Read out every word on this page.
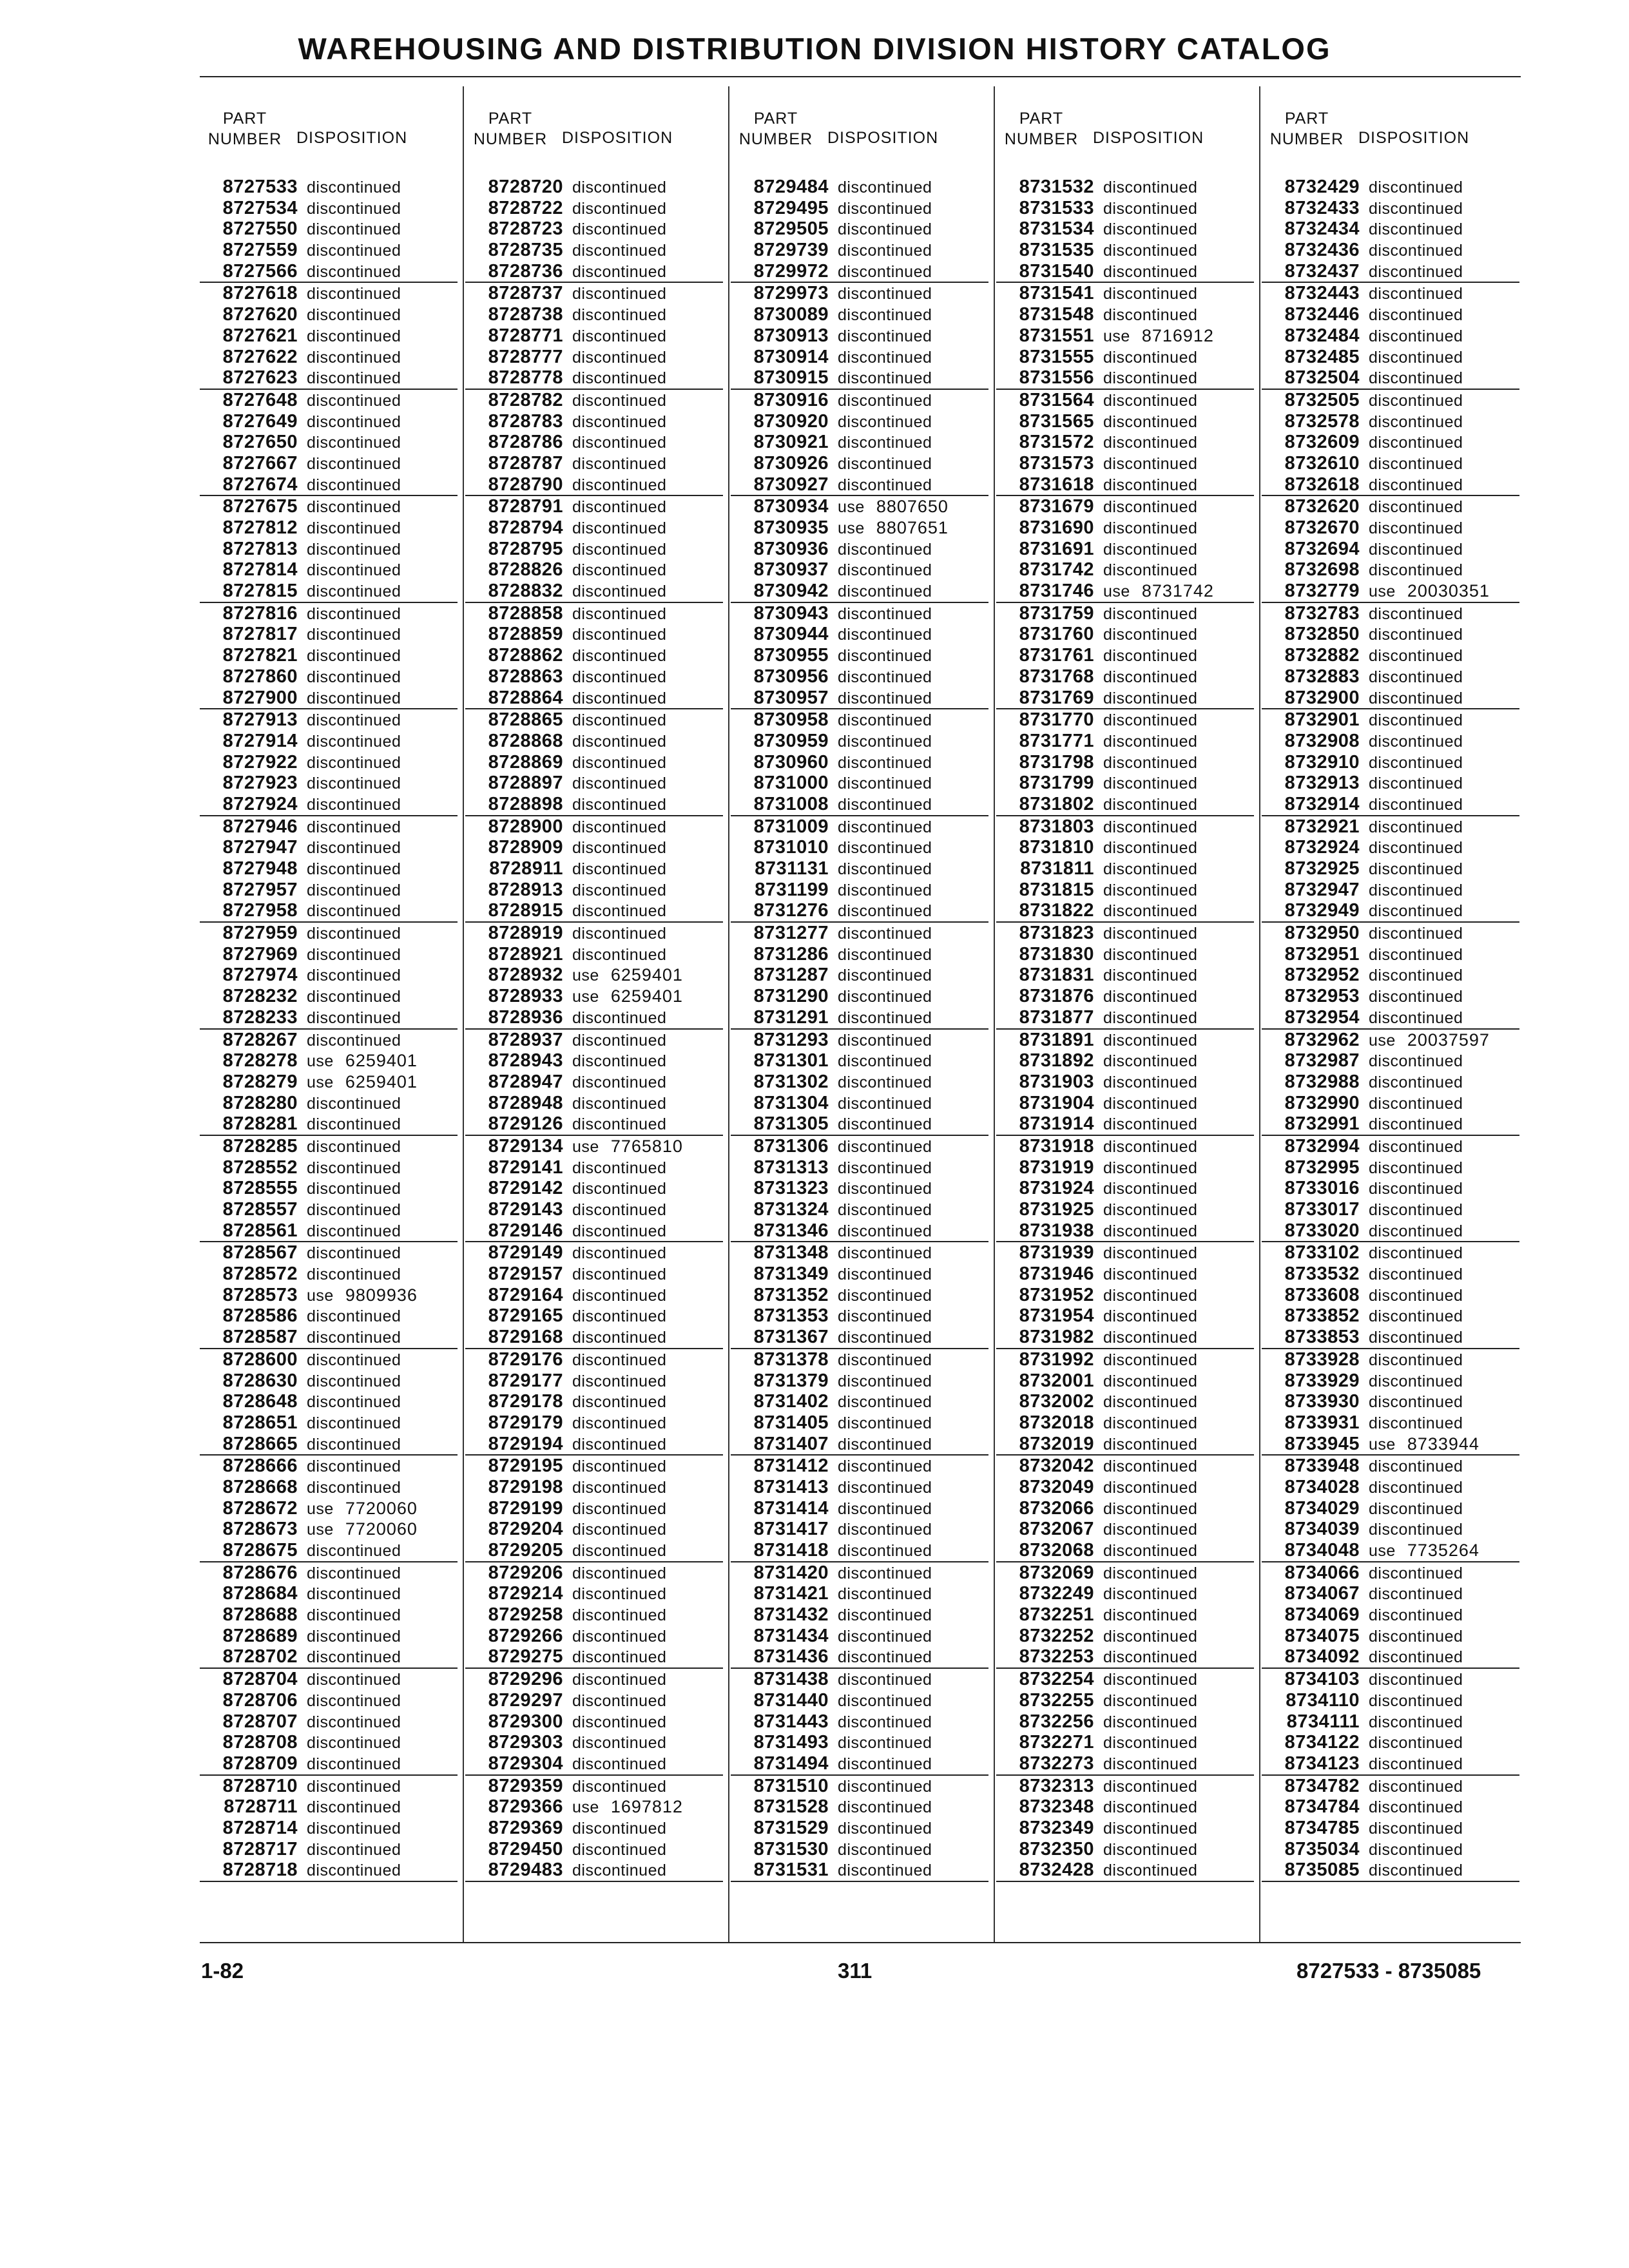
WAREHOUSING AND DISTRIBUTION DIVISION HISTORY CATALOG
PART
NUMBER DISPOSITION
8727533 discontinued
8727534 discontinued
8727550 discontinued
8727559 discontinued
8727566 discontinued
8727618 discontinued
8727620 discontinued
8727621 discontinued
8727622 discontinued
8727623 discontinued
8727648 discontinued
8727649 discontinued
8727650 discontinued
8727667 discontinued
8727674 discontinued
8727675 discontinued
8727812 discontinued
8727813 discontinued
8727814 discontinued
8727815 discontinued
8727816 discontinued
8727817 discontinued
8727821 discontinued
8727860 discontinued
8727900 discontinued
8727913 discontinued
8727914 discontinued
8727922 discontinued
8727923 discontinued
8727924 discontinued
8727946 discontinued
8727947 discontinued
8727948 discontinued
8727957 discontinued
8727958 discontinued
8727959 discontinued
8727969 discontinued
8727974 discontinued
8728232 discontinued
8728233 discontinued
8728267 discontinued
8728278 use 6259401
8728279 use 6259401
8728280 discontinued
8728281 discontinued
8728285 discontinued
8728552 discontinued
8728555 discontinued
8728557 discontinued
8728561 discontinued
8728567 discontinued
8728572 discontinued
8728573 use 9809936
8728586 discontinued
8728587 discontinued
8728600 discontinued
8728630 discontinued
8728648 discontinued
8728651 discontinued
8728665 discontinued
8728666 discontinued
8728668 discontinued
8728672 use 7720060
8728673 use 7720060
8728675 discontinued
8728676 discontinued
8728684 discontinued
8728688 discontinued
8728689 discontinued
8728702 discontinued
8728704 discontinued
8728706 discontinued
8728707 discontinued
8728708 discontinued
8728709 discontinued
8728710 discontinued
8728711 discontinued
8728714 discontinued
8728717 discontinued
8728718 discontinued
PART
NUMBER DISPOSITION
8728720 discontinued
8728722 discontinued
8728723 discontinued
8728735 discontinued
8728736 discontinued
8728737 discontinued
8728738 discontinued
8728771 discontinued
8728777 discontinued
8728778 discontinued
8728782 discontinued
8728783 discontinued
8728786 discontinued
8728787 discontinued
8728790 discontinued
8728791 discontinued
8728794 discontinued
8728795 discontinued
8728826 discontinued
8728832 discontinued
8728858 discontinued
8728859 discontinued
8728862 discontinued
8728863 discontinued
8728864 discontinued
8728865 discontinued
8728868 discontinued
8728869 discontinued
8728897 discontinued
8728898 discontinued
8728900 discontinued
8728909 discontinued
8728911 discontinued
8728913 discontinued
8728915 discontinued
8728919 discontinued
8728921 discontinued
8728932 use 6259401
8728933 use 6259401
8728936 discontinued
8728937 discontinued
8728943 discontinued
8728947 discontinued
8728948 discontinued
8729126 discontinued
8729134 use 7765810
8729141 discontinued
8729142 discontinued
8729143 discontinued
8729146 discontinued
8729149 discontinued
8729157 discontinued
8729164 discontinued
8729165 discontinued
8729168 discontinued
8729176 discontinued
8729177 discontinued
8729178 discontinued
8729179 discontinued
8729194 discontinued
8729195 discontinued
8729198 discontinued
8729199 discontinued
8729204 discontinued
8729205 discontinued
8729206 discontinued
8729214 discontinued
8729258 discontinued
8729266 discontinued
8729275 discontinued
8729296 discontinued
8729297 discontinued
8729300 discontinued
8729303 discontinued
8729304 discontinued
8729359 discontinued
8729366 use 1697812
8729369 discontinued
8729450 discontinued
8729483 discontinued
PART
NUMBER DISPOSITION
8729484 discontinued
8729495 discontinued
8729505 discontinued
8729739 discontinued
8729972 discontinued
8729973 discontinued
8730089 discontinued
8730913 discontinued
8730914 discontinued
8730915 discontinued
8730916 discontinued
8730920 discontinued
8730921 discontinued
8730926 discontinued
8730927 discontinued
8730934 use 8807650
8730935 use 8807651
8730936 discontinued
8730937 discontinued
8730942 discontinued
8730943 discontinued
8730944 discontinued
8730955 discontinued
8730956 discontinued
8730957 discontinued
8730958 discontinued
8730959 discontinued
8730960 discontinued
8731000 discontinued
8731008 discontinued
8731009 discontinued
8731010 discontinued
8731131 discontinued
8731199 discontinued
8731276 discontinued
8731277 discontinued
8731286 discontinued
8731287 discontinued
8731290 discontinued
8731291 discontinued
8731293 discontinued
8731301 discontinued
8731302 discontinued
8731304 discontinued
8731305 discontinued
8731306 discontinued
8731313 discontinued
8731323 discontinued
8731324 discontinued
8731346 discontinued
8731348 discontinued
8731349 discontinued
8731352 discontinued
8731353 discontinued
8731367 discontinued
8731378 discontinued
8731379 discontinued
8731402 discontinued
8731405 discontinued
8731407 discontinued
8731412 discontinued
8731413 discontinued
8731414 discontinued
8731417 discontinued
8731418 discontinued
8731420 discontinued
8731421 discontinued
8731432 discontinued
8731434 discontinued
8731436 discontinued
8731438 discontinued
8731440 discontinued
8731443 discontinued
8731493 discontinued
8731494 discontinued
8731510 discontinued
8731528 discontinued
8731529 discontinued
8731530 discontinued
8731531 discontinued
PART
NUMBER DISPOSITION
8731532 discontinued
8731533 discontinued
8731534 discontinued
8731535 discontinued
8731540 discontinued
8731541 discontinued
8731548 discontinued
8731551 use 8716912
8731555 discontinued
8731556 discontinued
8731564 discontinued
8731565 discontinued
8731572 discontinued
8731573 discontinued
8731618 discontinued
8731679 discontinued
8731690 discontinued
8731691 discontinued
8731742 discontinued
8731746 use 8731742
8731759 discontinued
8731760 discontinued
8731761 discontinued
8731768 discontinued
8731769 discontinued
8731770 discontinued
8731771 discontinued
8731798 discontinued
8731799 discontinued
8731802 discontinued
8731803 discontinued
8731810 discontinued
8731811 discontinued
8731815 discontinued
8731822 discontinued
8731823 discontinued
8731830 discontinued
8731831 discontinued
8731876 discontinued
8731877 discontinued
8731891 discontinued
8731892 discontinued
8731903 discontinued
8731904 discontinued
8731914 discontinued
8731918 discontinued
8731919 discontinued
8731924 discontinued
8731925 discontinued
8731938 discontinued
8731939 discontinued
8731946 discontinued
8731952 discontinued
8731954 discontinued
8731982 discontinued
8731992 discontinued
8732001 discontinued
8732002 discontinued
8732018 discontinued
8732019 discontinued
8732042 discontinued
8732049 discontinued
8732066 discontinued
8732067 discontinued
8732068 discontinued
8732069 discontinued
8732249 discontinued
8732251 discontinued
8732252 discontinued
8732253 discontinued
8732254 discontinued
8732255 discontinued
8732256 discontinued
8732271 discontinued
8732273 discontinued
8732313 discontinued
8732348 discontinued
8732349 discontinued
8732350 discontinued
8732428 discontinued
PART
NUMBER DISPOSITION
8732429 discontinued
8732433 discontinued
8732434 discontinued
8732436 discontinued
8732437 discontinued
8732443 discontinued
8732446 discontinued
8732484 discontinued
8732485 discontinued
8732504 discontinued
8732505 discontinued
8732578 discontinued
8732609 discontinued
8732610 discontinued
8732618 discontinued
8732620 discontinued
8732670 discontinued
8732694 discontinued
8732698 discontinued
8732779 use 20030351
8732783 discontinued
8732850 discontinued
8732882 discontinued
8732883 discontinued
8732900 discontinued
8732901 discontinued
8732908 discontinued
8732910 discontinued
8732913 discontinued
8732914 discontinued
8732921 discontinued
8732924 discontinued
8732925 discontinued
8732947 discontinued
8732949 discontinued
8732950 discontinued
8732951 discontinued
8732952 discontinued
8732953 discontinued
8732954 discontinued
8732962 use 20037597
8732987 discontinued
8732988 discontinued
8732990 discontinued
8732991 discontinued
8732994 discontinued
8732995 discontinued
8733016 discontinued
8733017 discontinued
8733020 discontinued
8733102 discontinued
8733532 discontinued
8733608 discontinued
8733852 discontinued
8733853 discontinued
8733928 discontinued
8733929 discontinued
8733930 discontinued
8733931 discontinued
8733945 use 8733944
8733948 discontinued
8734028 discontinued
8734029 discontinued
8734039 discontinued
8734048 use 7735264
8734066 discontinued
8734067 discontinued
8734069 discontinued
8734075 discontinued
8734092 discontinued
8734103 discontinued
8734110 discontinued
8734111 discontinued
8734122 discontinued
8734123 discontinued
8734782 discontinued
8734784 discontinued
8734785 discontinued
8735034 discontinued
8735085 discontinued
1-82	311	8727533 - 8735085
